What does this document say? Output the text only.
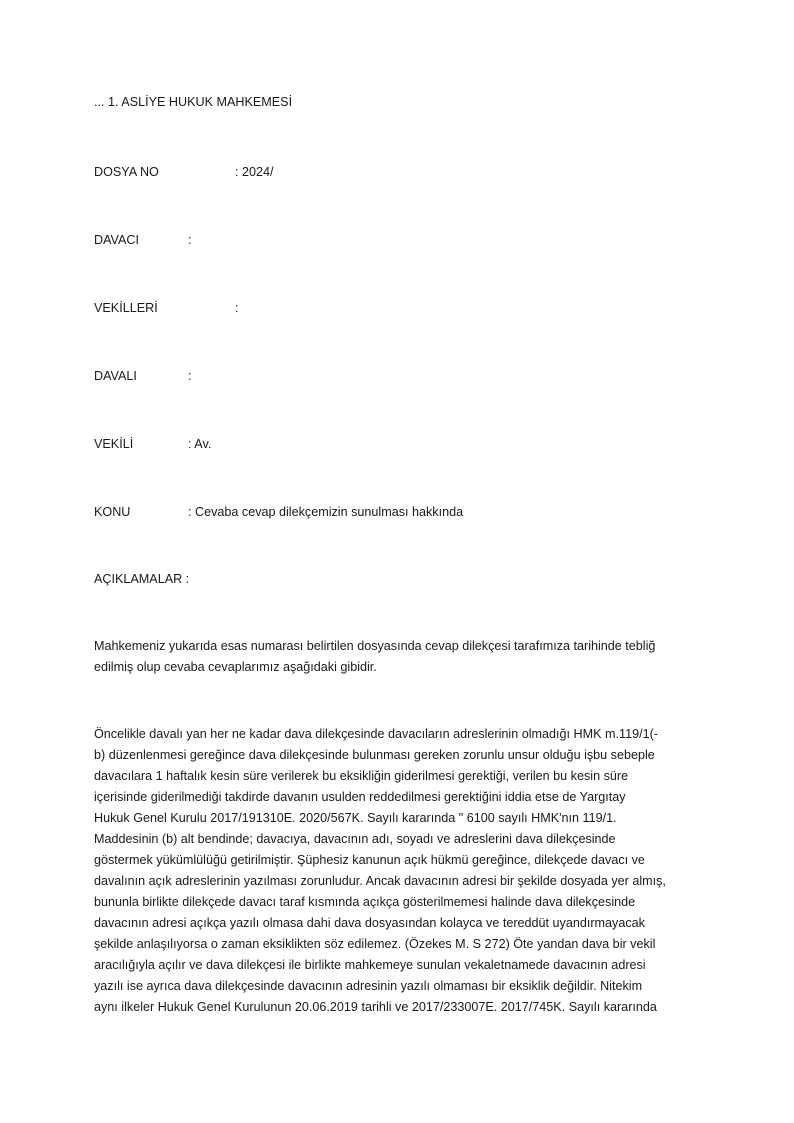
... 1. ASLİYE HUKUK MAHKEMESİ
DOSYA NO	: 2024/
DAVACI	:
VEKİLLERİ	:
DAVALI	:
VEKİLİ	: Av.
KONU	: Cevaba cevap dilekçemizin sunulması hakkında
AÇIKLAMALAR :
Mahkemeniz yukarıda esas numarası belirtilen dosyasında cevap dilekçesi tarafımıza tarihinde tebliğ
edilmiş olup cevaba cevaplarımız aşağıdaki gibidir.
Öncelikle davalı yan her ne kadar dava dilekçesinde davacıların adreslerinin olmadığı HMK m.119/1(-
b) düzenlenmesi gereğince dava dilekçesinde bulunması gereken zorunlu unsur olduğu işbu sebeple
davacılara 1 haftalık kesin süre verilerek bu eksikliğin giderilmesi gerektiği, verilen bu kesin süre
içerisinde giderilmediği takdirde davanın usulden reddedilmesi gerektiğini iddia etse de Yargıtay
Hukuk Genel Kurulu 2017/191310E. 2020/567K. Sayılı kararında " 6100 sayılı HMK'nın 119/1.
Maddesinin (b) alt bendinde; davacıya, davacının adı, soyadı ve adreslerini dava dilekçesinde
göstermek yükümlülüğü getirilmiştir. Şüphesiz kanunun açık hükmü gereğince, dilekçede davacı ve
davalının açık adreslerinin yazılması zorunludur. Ancak davacının adresi bir şekilde dosyada yer almış,
bununla birlikte dilekçede davacı taraf kısmında açıkça gösterilmemesi halinde dava dilekçesinde
davacının adresi açıkça yazılı olmasa dahi dava dosyasından kolayca ve tereddüt uyandırmayacak
şekilde anlaşılıyorsa o zaman eksiklikten söz edilemez. (Özekes M. S 272) Öte yandan dava bir vekil
aracılığıyla açılır ve dava dilekçesi ile birlikte mahkemeye sunulan vekaletnamede davacının adresi
yazılı ise ayrıca dava dilekçesinde davacının adresinin yazılı olmaması bir eksiklik değildir. Nitekim
aynı ilkeler Hukuk Genel Kurulunun 20.06.2019 tarihli ve 2017/233007E. 2017/745K. Sayılı kararında
